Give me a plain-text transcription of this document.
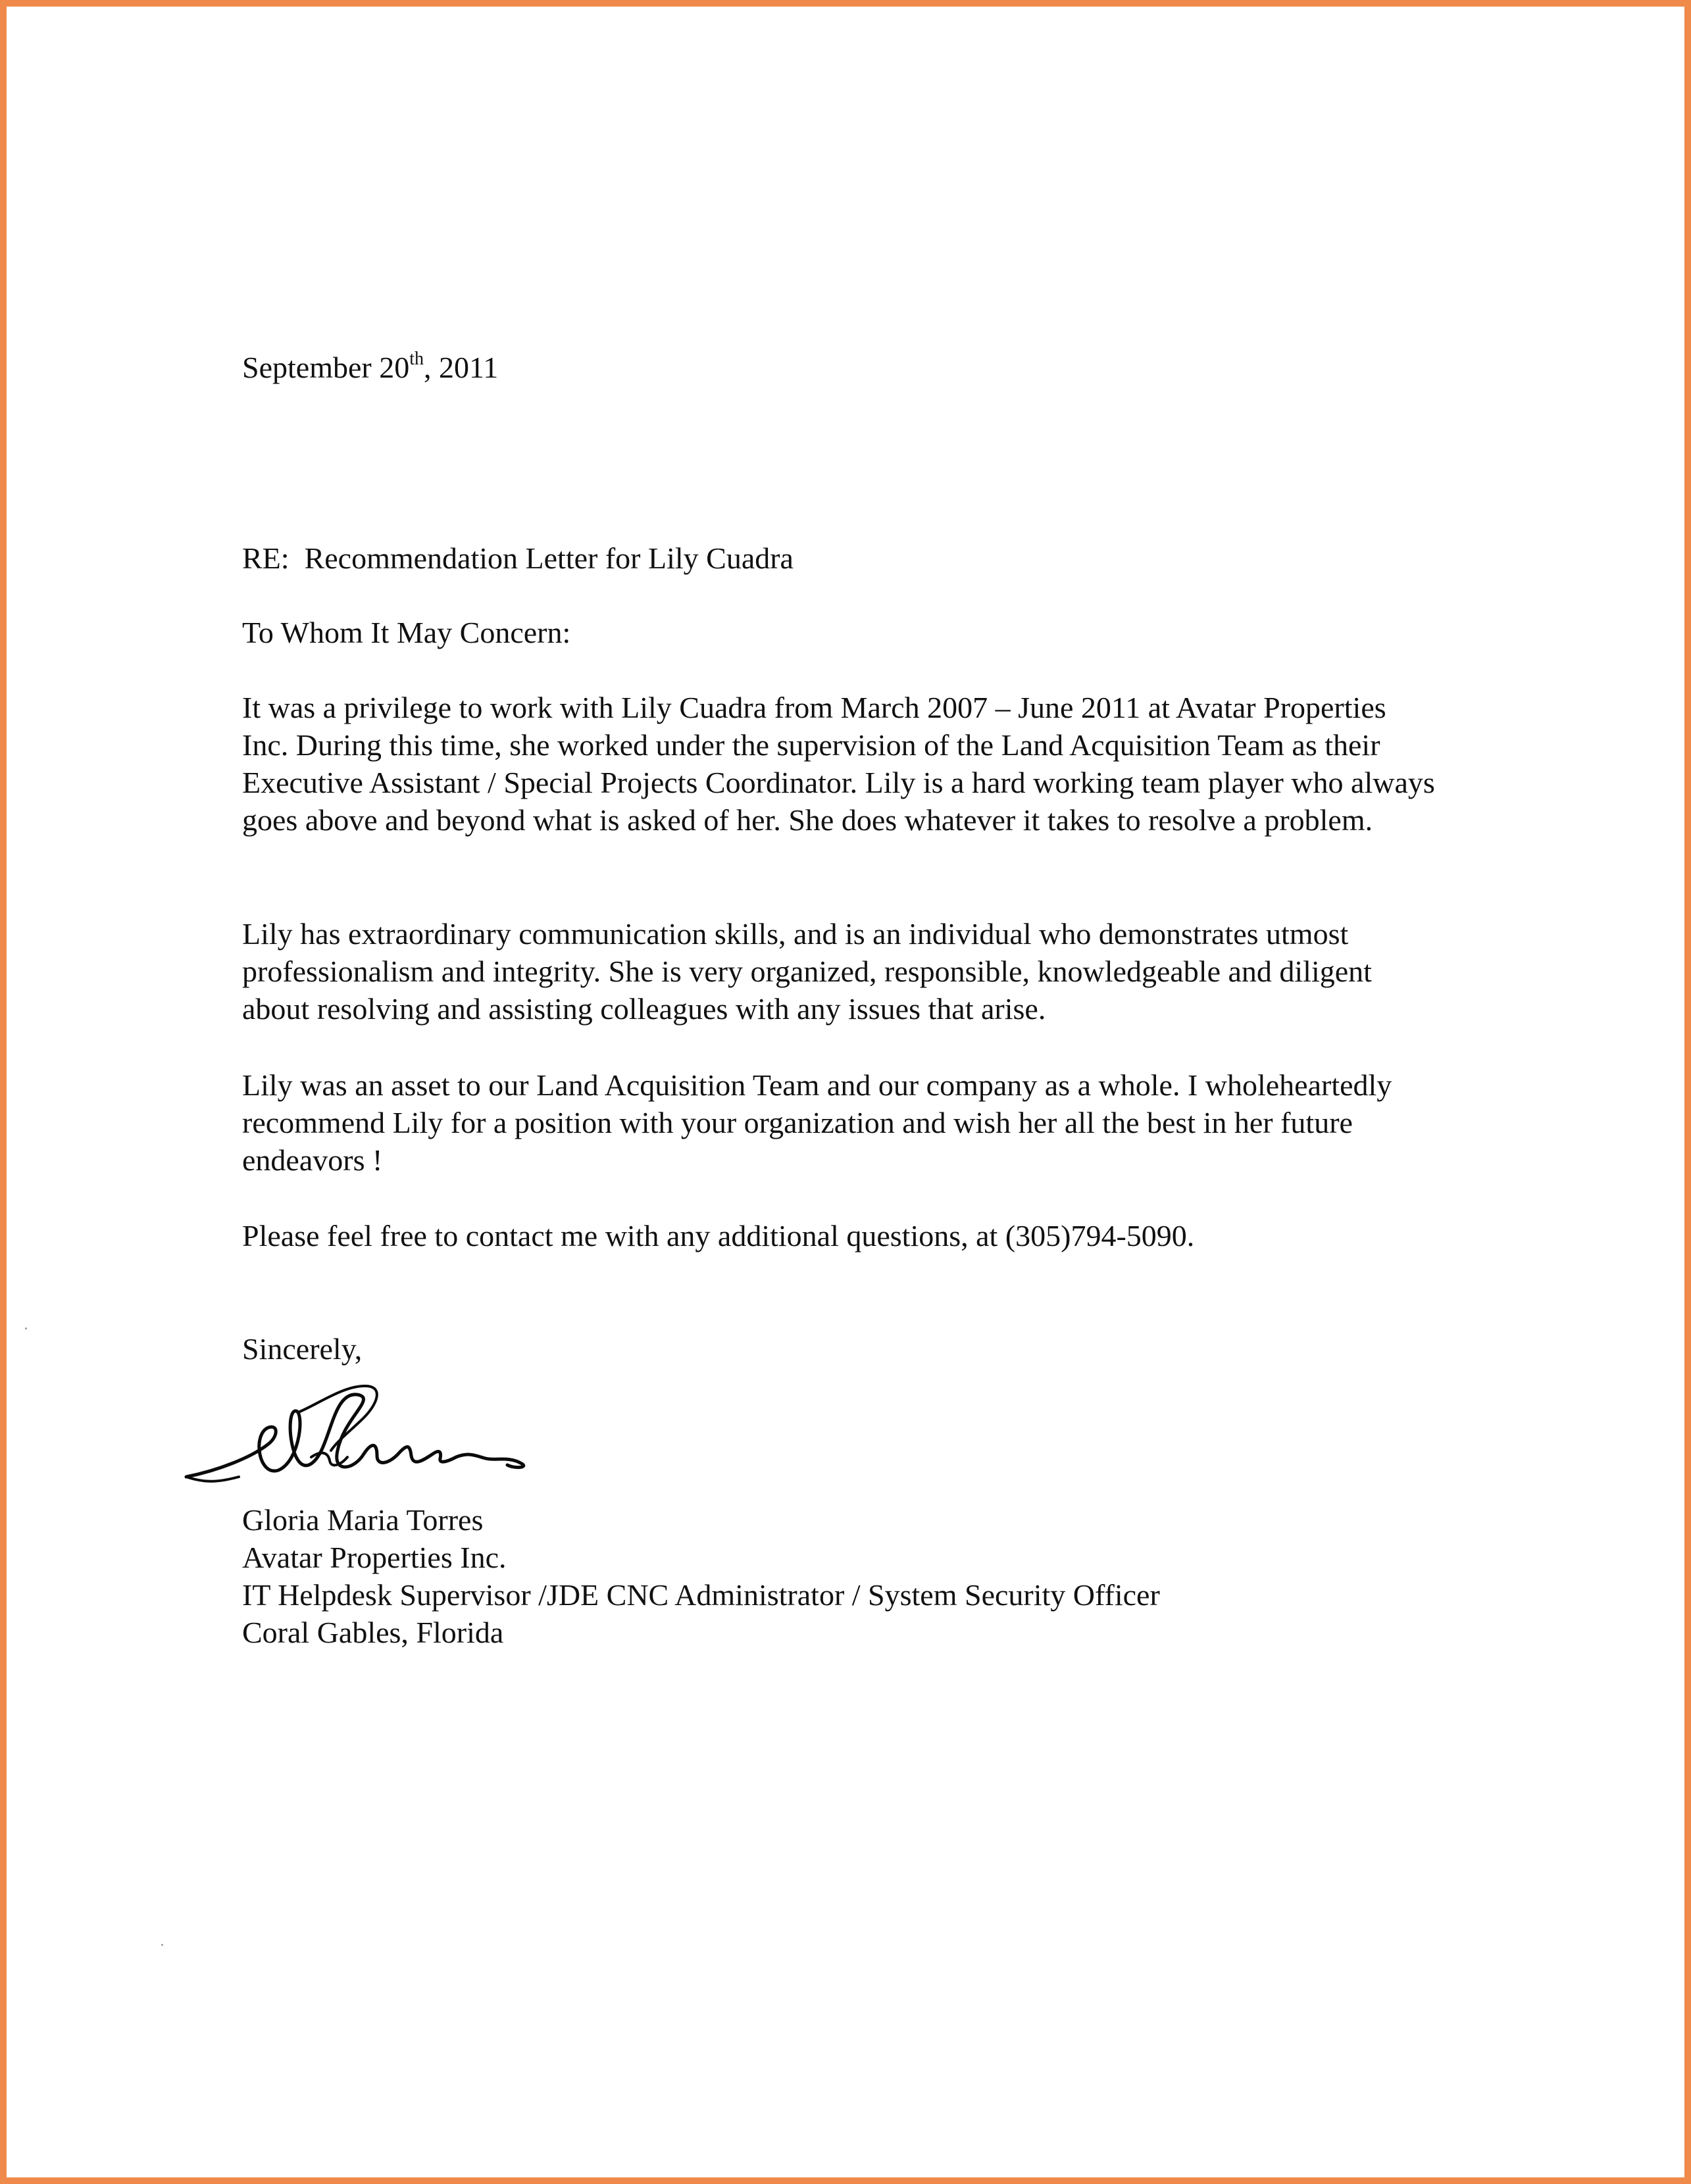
September 20th, 2011

RE:  Recommendation Letter for Lily Cuadra

To Whom It May Concern:

It was a privilege to work with Lily Cuadra from March 2007 – June 2011 at Avatar Properties Inc. During this time, she worked under the supervision of the Land Acquisition Team as their Executive Assistant / Special Projects Coordinator. Lily is a hard working team player who always goes above and beyond what is asked of her. She does whatever it takes to resolve a problem.

Lily has extraordinary communication skills, and is an individual who demonstrates utmost professionalism and integrity. She is very organized, responsible, knowledgeable and diligent about resolving and assisting colleagues with any issues that arise.

Lily was an asset to our Land Acquisition Team and our company as a whole. I wholeheartedly recommend Lily for a position with your organization and wish her all the best in her future endeavors !

Please feel free to contact me with any additional questions, at (305)794-5090.

Sincerely,

Gloria Maria Torres
Avatar Properties Inc.
IT Helpdesk Supervisor /JDE CNC Administrator / System Security Officer
Coral Gables, Florida
